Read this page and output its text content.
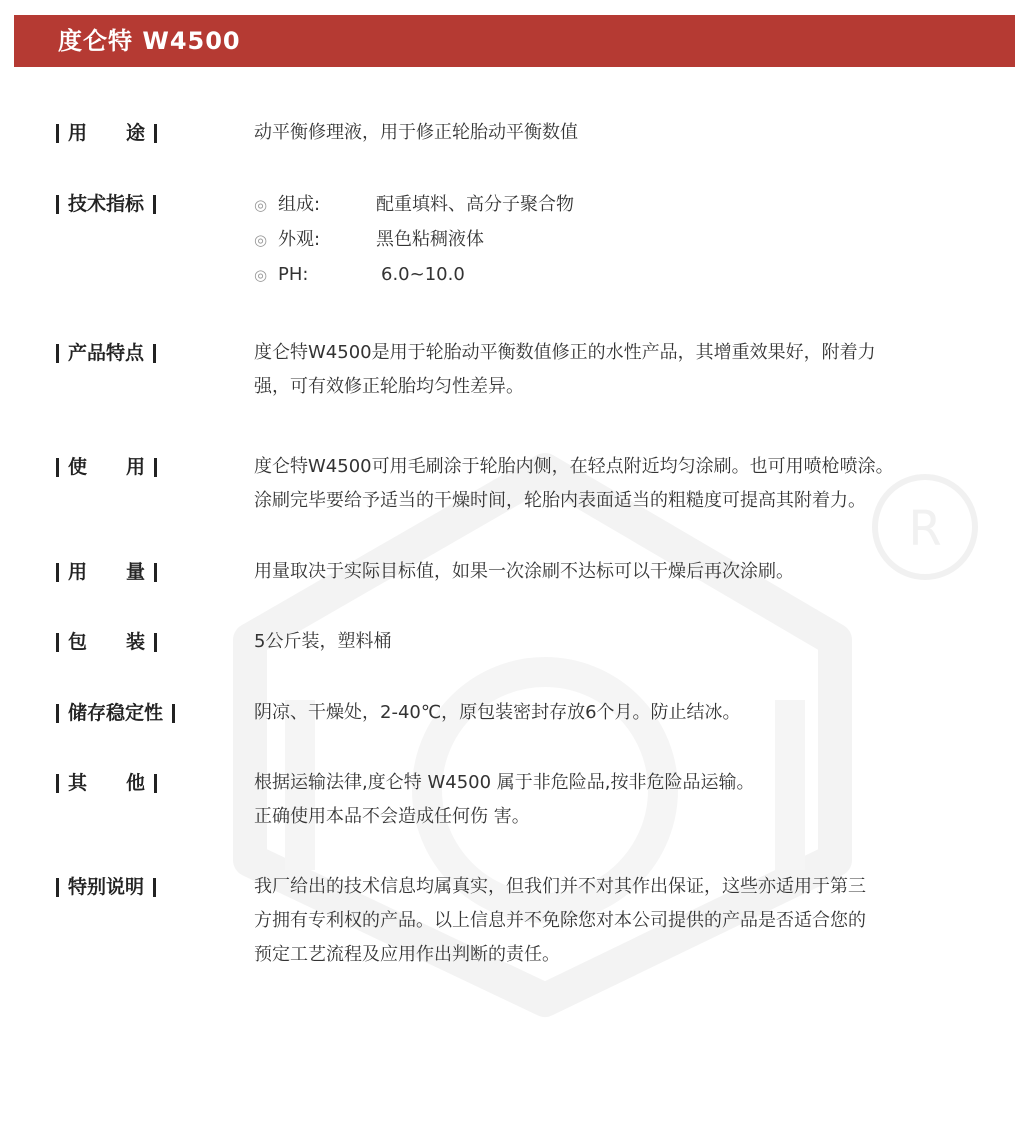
R
度仑特 W4500
用 途	动平衡修理液，用于修正轮胎动平衡数值
技术指标	◎ 组成:	配重填料、高分子聚合物
◎ 外观:	黑色粘稠液体
◎ PH:	6.0~10.0
产品特点	度仑特W4500是用于轮胎动平衡数值修正的水性产品，其增重效果好，附着力
强，可有效修正轮胎均匀性差异。
使 用	度仑特W4500可用毛刷涂于轮胎内侧，在轻点附近均匀涂刷。也可用喷枪喷涂。
涂刷完毕要给予适当的干燥时间，轮胎内表面适当的粗糙度可提高其附着力。
用 量	用量取决于实际目标值，如果一次涂刷不达标可以干燥后再次涂刷。
包 装	5公斤装，塑料桶
储存稳定性	阴凉、干燥处，2-40℃，原包装密封存放6个月。防止结冰。
其 他	根据运输法律,度仑特 W4500 属于非危险品,按非危险品运输。
正确使用本品不会造成任何伤 害。
特别说明	我厂给出的技术信息均属真实，但我们并不对其作出保证，这些亦适用于第三
方拥有专利权的产品。以上信息并不免除您对本公司提供的产品是否适合您的
预定工艺流程及应用作出判断的责任。
